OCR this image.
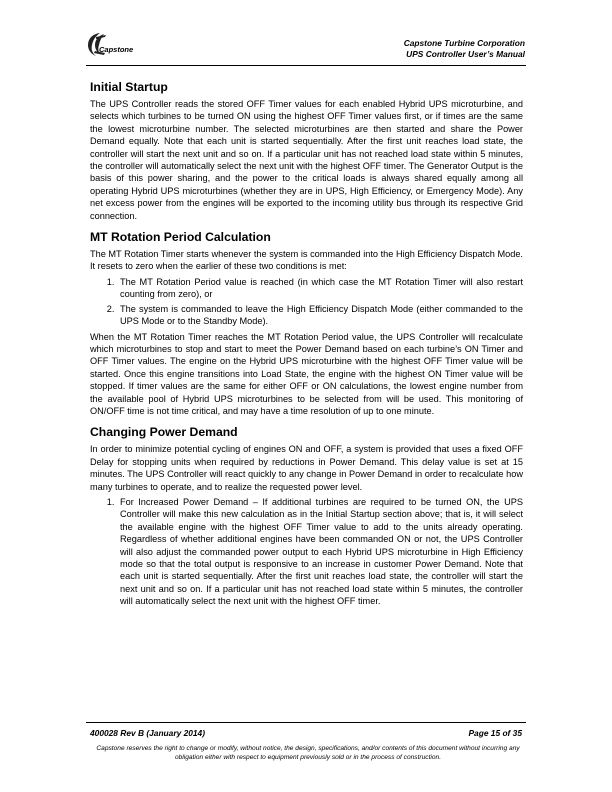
Capstone
Capstone Turbine Corporation
UPS Controller User’s Manual
Initial Startup

The UPS Controller reads the stored OFF Timer values for each enabled Hybrid UPS microturbine, and selects which turbines to be turned ON using the highest OFF Timer values first, or if times are the same the lowest microturbine number. The selected microturbines are then started and share the Power Demand equally. Note that each unit is started sequentially. After the first unit reaches load state, the controller will start the next unit and so on. If a particular unit has not reached load state within 5 minutes, the controller will automatically select the next unit with the highest OFF timer. The Generator Output is the basis of this power sharing, and the power to the critical loads is always shared equally among all operating Hybrid UPS microturbines (whether they are in UPS, High Efficiency, or Emergency Mode). Any net excess power from the engines will be exported to the incoming utility bus through its respective Grid connection.

MT Rotation Period Calculation

The MT Rotation Timer starts whenever the system is commanded into the High Efficiency Dispatch Mode. It resets to zero when the earlier of these two conditions is met:

1. The MT Rotation Period value is reached (in which case the MT Rotation Timer will also restart counting from zero), or
2. The system is commanded to leave the High Efficiency Dispatch Mode (either commanded to the UPS Mode or to the Standby Mode).

When the MT Rotation Timer reaches the MT Rotation Period value, the UPS Controller will recalculate which microturbines to stop and start to meet the Power Demand based on each turbine’s ON Timer and OFF Timer values. The engine on the Hybrid UPS microturbine with the highest OFF Timer value will be started. Once this engine transitions into Load State, the engine with the highest ON Timer value will be stopped. If timer values are the same for either OFF or ON calculations, the lowest engine number from the available pool of Hybrid UPS microturbines to be selected from will be used. This monitoring of ON/OFF time is not time critical, and may have a time resolution of up to one minute.

Changing Power Demand

In order to minimize potential cycling of engines ON and OFF, a system is provided that uses a fixed OFF Delay for stopping units when required by reductions in Power Demand. This delay value is set at 15 minutes. The UPS Controller will react quickly to any change in Power Demand in order to recalculate how many turbines to operate, and to realize the requested power level.

1. For Increased Power Demand – If additional turbines are required to be turned ON, the UPS Controller will make this new calculation as in the Initial Startup section above; that is, it will select the available engine with the highest OFF Timer value to add to the units already operating. Regardless of whether additional engines have been commanded ON or not, the UPS Controller will also adjust the commanded power output to each Hybrid UPS microturbine in High Efficiency mode so that the total output is responsive to an increase in customer Power Demand. Note that each unit is started sequentially. After the first unit reaches load state, the controller will start the next unit and so on. If a particular unit has not reached load state within 5 minutes, the controller will automatically select the next unit with the highest OFF timer.
400028 Rev B (January 2014)	Page 15 of 35
Capstone reserves the right to change or modify, without notice, the design, specifications, and/or contents of this document without incurring any obligation either with respect to equipment previously sold or in the process of construction.
